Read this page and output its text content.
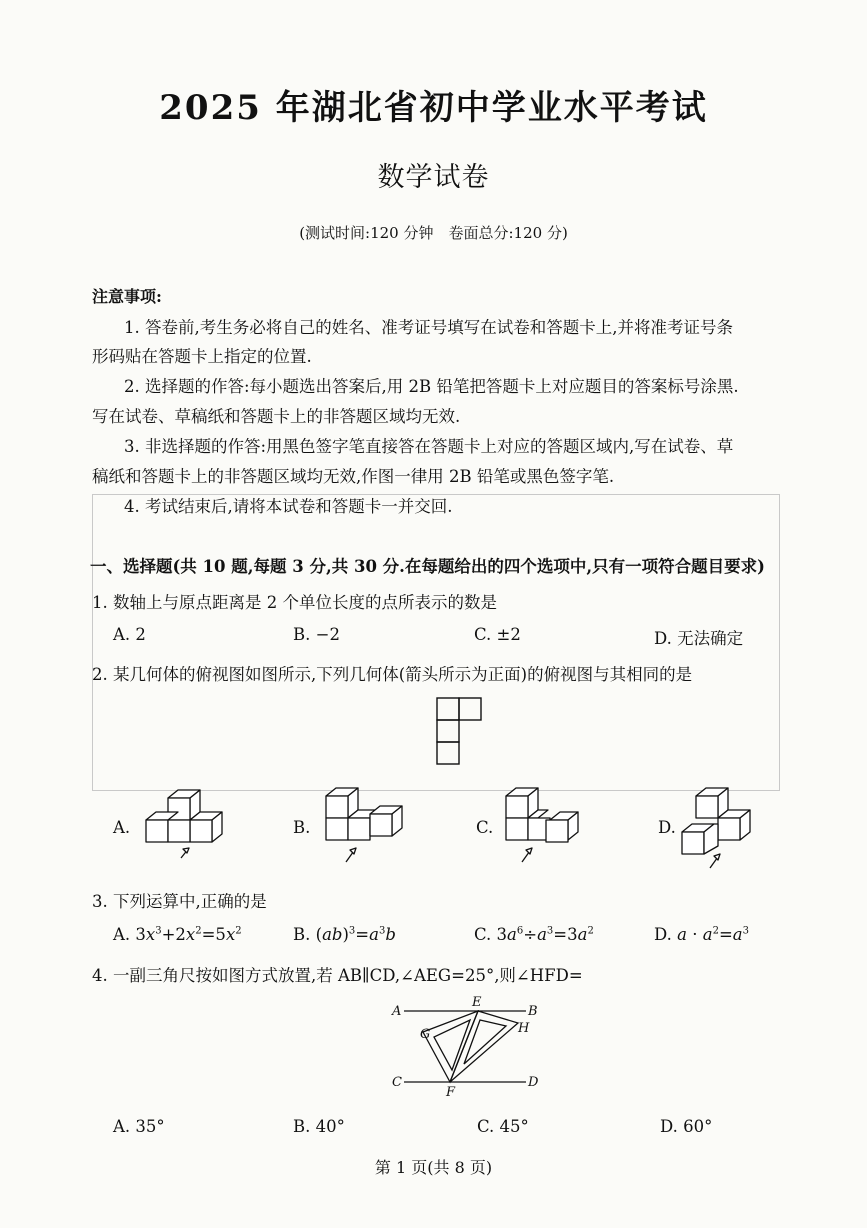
2025 年湖北省初中学业水平考试
数学试卷
(测试时间:120 分钟　卷面总分:120 分)
注意事项:
1. 答卷前,考生务必将自己的姓名、准考证号填写在试卷和答题卡上,并将准考证号条
形码贴在答题卡上指定的位置.
2. 选择题的作答:每小题选出答案后,用 2B 铅笔把答题卡上对应题目的答案标号涂黑.
写在试卷、草稿纸和答题卡上的非答题区域均无效.
3. 非选择题的作答:用黑色签字笔直接答在答题卡上对应的答题区域内,写在试卷、草
稿纸和答题卡上的非答题区域均无效,作图一律用 2B 铅笔或黑色签字笔.
4. 考试结束后,请将本试卷和答题卡一并交回.
一、选择题(共 10 题,每题 3 分,共 30 分.在每题给出的四个选项中,只有一项符合题目要求)
1. 数轴上与原点距离是 2 个单位长度的点所表示的数是
A. 2	B. −2	C. ±2	D. 无法确定
2. 某几何体的俯视图如图所示,下列几何体(箭头所示为正面)的俯视图与其相同的是
A.	B.	C.	D.
3. 下列运算中,正确的是
A. $3x^3+2x^2=5x^2$	B. $(ab)^3=a^3b$	C. $3a^6\div a^3=3a^2$	D. $a \cdot a^2=a^3$
4. 一副三角尺按如图方式放置,若 AB∥CD,∠AEG=25°,则∠HFD=
A	B
C	D
E
F
G	H
A. 35°	B. 40°	C. 45°	D. 60°
第 1 页(共 8 页)
